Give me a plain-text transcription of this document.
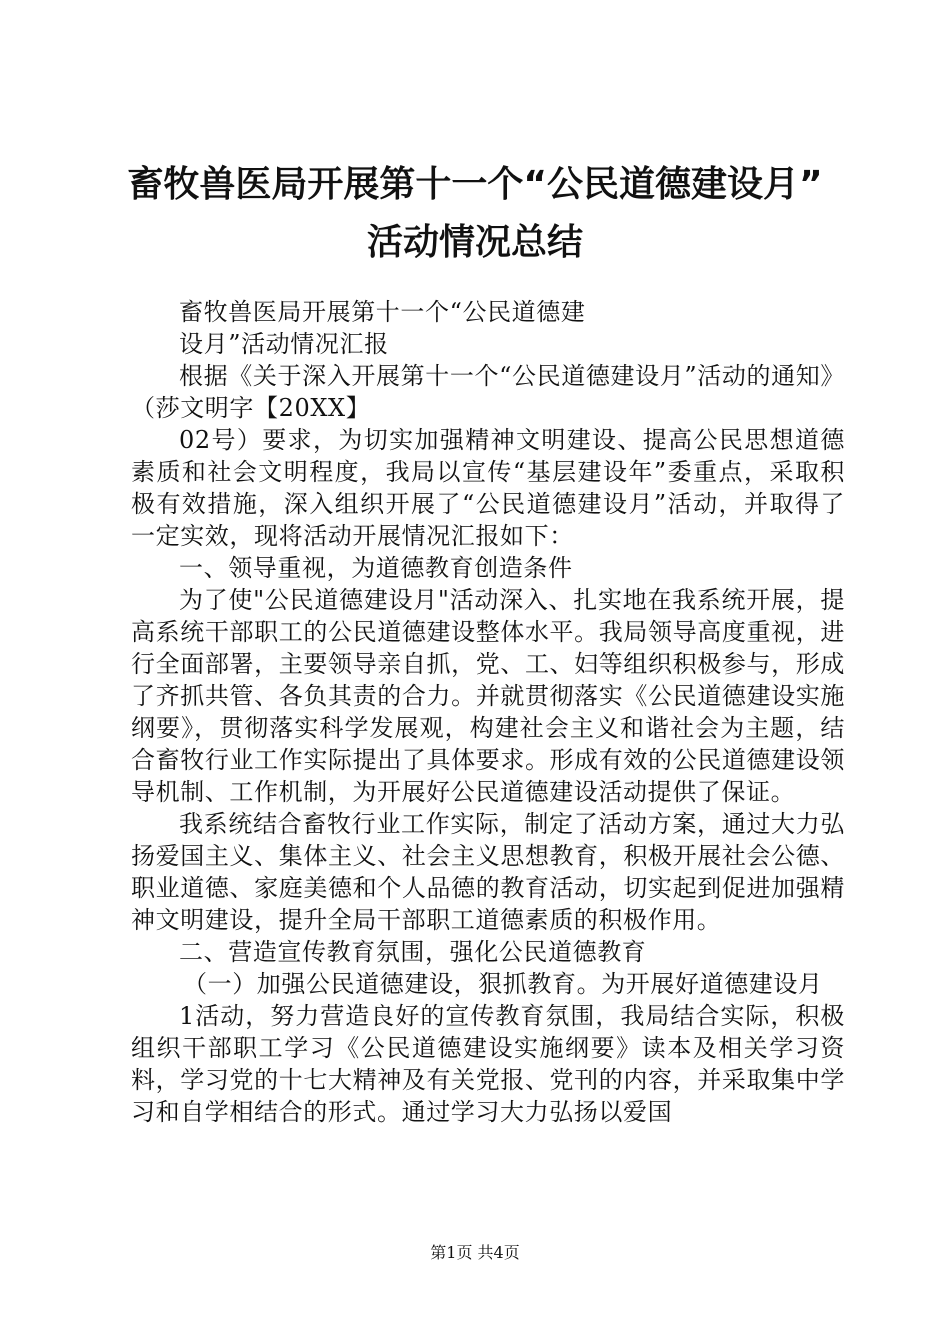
畜牧兽医局开展第十一个“公民道德建设月”
活动情况总结

畜牧兽医局开展第十一个“公民道德建

设月”活动情况汇报

根据《关于深入开展第十一个“公民道德建设月”活动的通知》（莎文明字【20XX】

02号）要求，为切实加强精神文明建设、提高公民思想道德素质和社会文明程度，我局以宣传“基层建设年”委重点，采取积极有效措施，深入组织开展了“公民道德建设月”活动，并取得了一定实效，现将活动开展情况汇报如下：

一、领导重视，为道德教育创造条件

为了使"公民道德建设月"活动深入、扎实地在我系统开展，提高系统干部职工的公民道德建设整体水平。我局领导高度重视，进行全面部署，主要领导亲自抓，党、工、妇等组织积极参与，形成了齐抓共管、各负其责的合力。并就贯彻落实《公民道德建设实施纲要》，贯彻落实科学发展观，构建社会主义和谐社会为主题，结合畜牧行业工作实际提出了具体要求。形成有效的公民道德建设领导机制、工作机制，为开展好公民道德建设活动提供了保证。

我系统结合畜牧行业工作实际，制定了活动方案，通过大力弘扬爱国主义、集体主义、社会主义思想教育，积极开展社会公德、职业道德、家庭美德和个人品德的教育活动，切实起到促进加强精神文明建设，提升全局干部职工道德素质的积极作用。

二、营造宣传教育氛围，强化公民道德教育

（一）加强公民道德建设，狠抓教育。为开展好道德建设月

1活动，努力营造良好的宣传教育氛围，我局结合实际，积极组织干部职工学习《公民道德建设实施纲要》读本及相关学习资料，学习党的十七大精神及有关党报、党刊的内容，并采取集中学习和自学相结合的形式。通过学习大力弘扬以爱国

第1页 共4页
